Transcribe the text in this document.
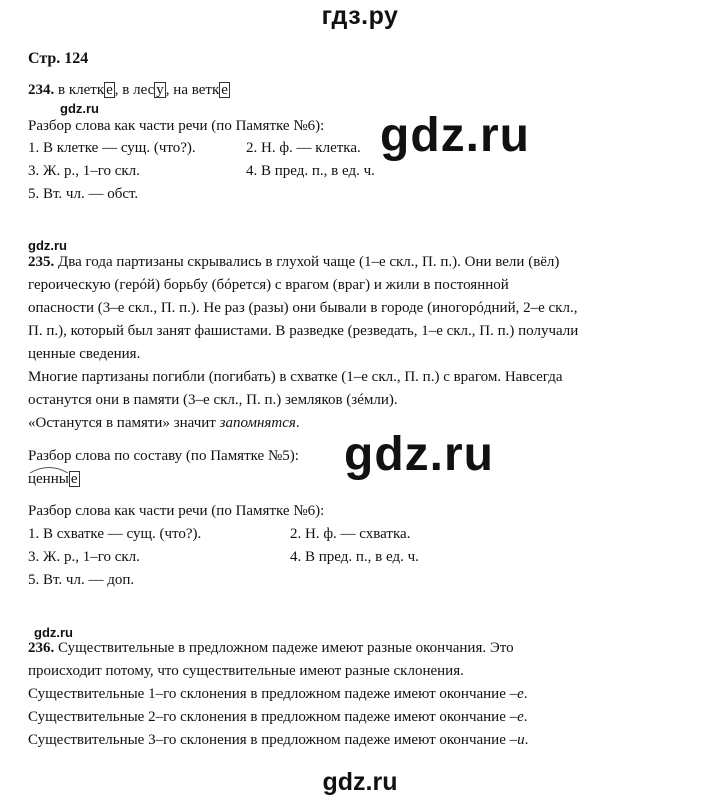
гдз.ру
Стр. 124
234. в клетк е , в лес у , на ветк е
gdz.ru
Разбор слова как части речи (по Памятке №6):
1. В клетке — сущ. (что?).	2. Н. ф. — клетка.
3. Ж. р., 1–го скл.	4. В пред. п., в ед. ч.
5. Вт. чл. — обст.
gdz.ru
gdz.ru
235. Два года партизаны скрывались в глухой чаще (1–е скл., П. п.). Они вели (вёл)
героическую (герóй) борьбу (бóрется) с врагом (враг) и жили в постоянной
опасности (3–е скл., П. п.). Не раз (разы) они бывали в городе (иногорóдний, 2–е скл.,
П. п.), который был занят фашистами. В разведке (резведать, 1–е скл., П. п.) получали
ценные сведения.
Многие партизаны погибли (погибать) в схватке (1–е скл., П. п.) с врагом. Навсегда
останутся они в памяти (3–е скл., П. п.) земляков (зéмли).
«Останутся в памяти» значит запомнятся.
Разбор слова по составу (по Памятке №5):
ценны е	gdz.ru
Разбор слова как части речи (по Памятке №6):
1. В схватке — сущ. (что?).	2. Н. ф. — схватка.
3. Ж. р., 1–го скл.	4. В пред. п., в ед. ч.
5. Вт. чл. — доп.
gdz.ru
236. Существительные в предложном падеже имеют разные окончания. Это
происходит потому, что существительные имеют разные склонения.
Существительные 1–го склонения в предложном падеже имеют окончание –е.
Существительные 2–го склонения в предложном падеже имеют окончание –е.
Существительные 3–го склонения в предложном падеже имеют окончание –и.
gdz.ru
